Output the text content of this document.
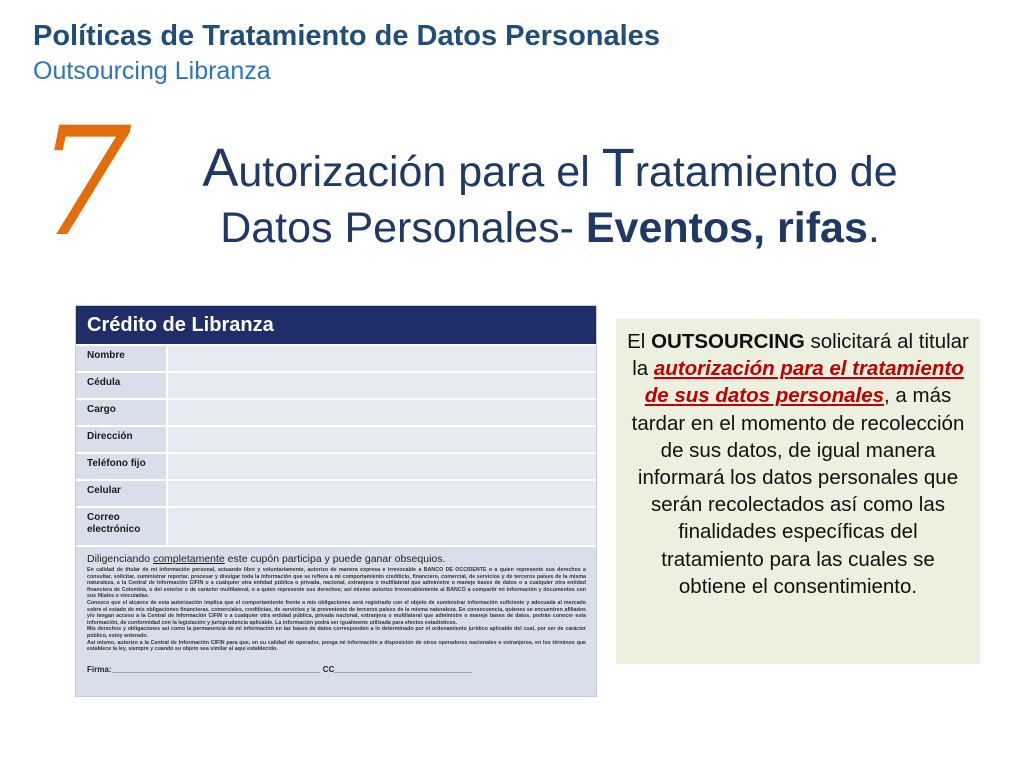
Políticas de Tratamiento de Datos Personales
Outsourcing Libranza
7	Autorización para el Tratamiento de
Datos Personales- Eventos, rifas.
Crédito de Libranza
Nombre
Cédula
Cargo
Dirección
Teléfono fijo
Celular
Correo electrónico
Diligenciando completamente este cupón participa y puede ganar obsequios.
En calidad de titular de mi información personal, actuando libre y voluntariamente, autorizo de manera expresa e irrevocable a BANCO DE OCCIDENTE o a quien represente sus derechos a consultar, solicitar, suministrar reportar, procesar y divulgar toda la información que se refiera a mi comportamiento crediticio, financiero, comercial, de servicios y de terceros países de la misma naturaleza, a la Central de Información CIFIN o a cualquier otra entidad pública o privada, nacional, extranjera o multilateral que administre o maneje bases de datos o a cualquier otra entidad financiera de Colombia, o del exterior o de carácter multilateral, o a quien represente sus derechos; así mismo autorizo irrevocablemente al BANCO a compartir mi información y documentos con sus filiales o vinculadas.
Conozco que el alcance de esta autorización implica que el comportamiento frente a mis obligaciones será registrado con el objeto de suministrar información suficiente y adecuada al mercado sobre el estado de mis obligaciones financieras, comerciales, crediticias, de servicios y la proveniente de terceros países de la misma naturaleza. En consecuencia, quienes se encuentren afiliados y/o tengan acceso a la Central de Información CIFIN o a cualquier otra entidad pública, privada nacional, extranjera o multilateral que administre o maneje bases de datos, podrán conocer esta información, de conformidad con la legislación y jurisprudencia aplicable. La información podrá ser igualmente utilizada para efectos estadísticos.
Mis derechos y obligaciones así como la permanencia de mi información en las bases de datos corresponden a lo determinado por el ordenamiento jurídico aplicable del cual, por ser de carácter público, estoy enterado.
Así mismo, autorizo a la Central de Información CIFIN para que, en su calidad de operador, ponga mi información a disposición de otros operadores nacionales o extranjeros, en los términos que establece la ley, siempre y cuando su objeto sea similar al aquí establecido.
Firma:_______________________________________________ CC_______________________________
El OUTSOURCING solicitará al titular la autorización para el tratamiento de sus datos personales, a más tardar en el momento de recolección de sus datos, de igual manera informará los datos personales que serán recolectados así como las finalidades específicas del tratamiento para las cuales se obtiene el consentimiento.
